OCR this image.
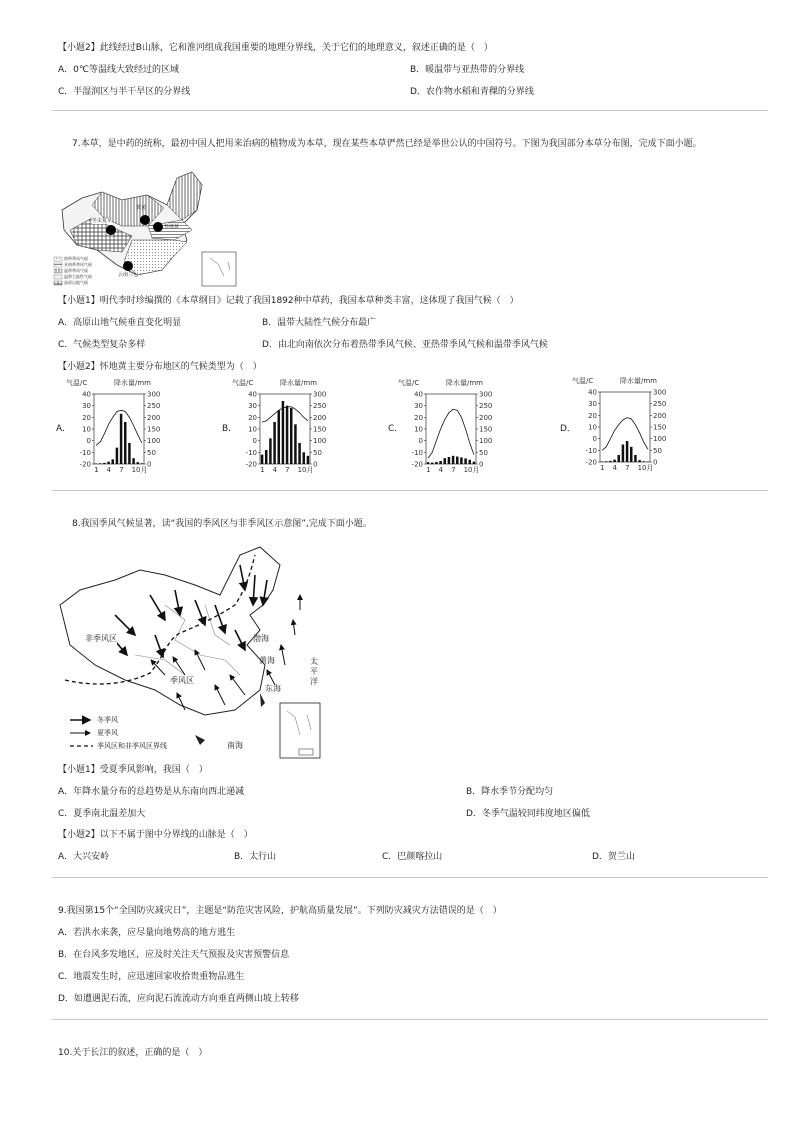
【小题2】此线经过B山脉，它和淮河组成我国重要的地理分界线，关于它们的地理意义，叙述正确的是（　）
A．0℃等温线大致经过的区域	B．暖温带与亚热带的分界线
C．半湿润区与半干旱区的分界线	D．农作物水稻和青稞的分界线
7.本草，是中药的统称，最初中国人把用来治病的植物成为本草，现在某些本草俨然已经是举世公认的中国符号。下图为我国部分本草分布图，完成下面小题。
黄芪
冬虫夏草
怀地黄
云南三七
热带季风气候
亚热带季风气候
温带季风气候
温带大陆性气候
高原山地气候
【小题1】明代李时珍编撰的《本草纲目》记载了我国1892种中草药，我国本草种类丰富，这体现了我国气候（　）
A．高原山地气候垂直变化明显	B．温带大陆性气候分布最广
C．气候类型复杂多样	D．由北向南依次分布着热带季风气候、亚热带季风气候和温带季风气候
【小题2】怀地黄主要分布地区的气候类型为（　）
A．	B．	C．	D．
气温/C	降水量/mm
-20
-10
0
10
20
30
40
0
50
100
150
200
250
300
1 4 7 10月
气温/C	降水量/mm
-20
-10
0
10
20
30
40
0
50
100
150
200
250
300
1 4 7 10月
气温/C	降水量/mm
-20
-10
0
10
20
30
40
0
50
100
150
200
250
300
1 4 7 10月
气温/C	降水量/mm
-20
-10
0
10
20
30
40
0
50
100
150
200
250
300
1 4 7 10月
8.我国季风气候显著，读“我国的季风区与非季风区示意图”,完成下面小题。
非季风区
季风区
渤海
黄海
东海
南海
太平洋
冬季风
夏季风
季风区和非季风区界线
【小题1】受夏季风影响，我国（　）
A．年降水量分布的总趋势是从东南向西北递减	B．降水季节分配均匀
C．夏季南北温差加大	D．冬季气温较同纬度地区偏低
【小题2】以下不属于图中分界线的山脉是（　）
A．大兴安岭	B．太行山	C．巴颜喀拉山	D．贺兰山
9.我国第15个“全国防灾减灾日”，主题是“防范灾害风险，护航高质量发展”。下列防灾减灾方法错误的是（　）
A．若洪水来袭，应尽量向地势高的地方逃生
B．在台风多发地区，应及时关注天气预报及灾害预警信息
C．地震发生时，应迅速回家收拾贵重物品逃生
D．如遭遇泥石流，应向泥石流流动方向垂直两侧山坡上转移
10.关于长江的叙述，正确的是（　）
